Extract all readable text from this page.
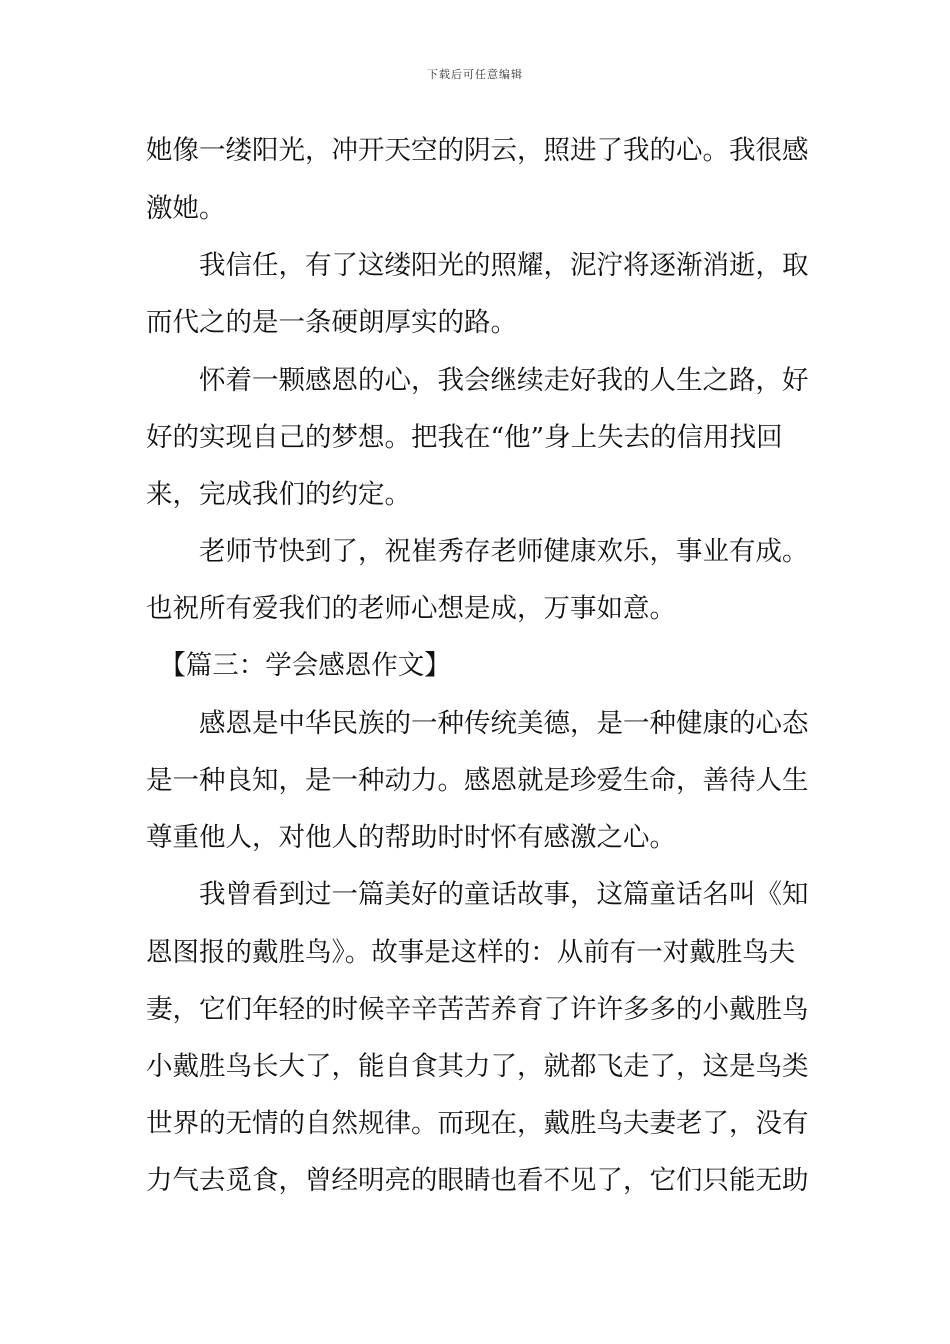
下载后可任意编辑
她像一缕阳光，冲开天空的阴云，照进了我的心。我很感
激她。
　　我信任，有了这缕阳光的照耀，泥泞将逐渐消逝，取
而代之的是一条硬朗厚实的路。
　　怀着一颗感恩的心，我会继续走好我的人生之路，好
好的实现自己的梦想。把我在“他”身上失去的信用找回
来，完成我们的约定。
　　老师节快到了，祝崔秀存老师健康欢乐，事业有成。
也祝所有爱我们的老师心想是成，万事如意。
　【篇三：学会感恩作文】
　　感恩是中华民族的一种传统美德，是一种健康的心态
是一种良知，是一种动力。感恩就是珍爱生命，善待人生
尊重他人，对他人的帮助时时怀有感激之心。
　　我曾看到过一篇美好的童话故事，这篇童话名叫《知
恩图报的戴胜鸟》。故事是这样的：从前有一对戴胜鸟夫
妻，它们年轻的时候辛辛苦苦养育了许许多多的小戴胜鸟
小戴胜鸟长大了，能自食其力了，就都飞走了，这是鸟类
世界的无情的自然规律。而现在，戴胜鸟夫妻老了，没有
力气去觅食，曾经明亮的眼睛也看不见了，它们只能无助
